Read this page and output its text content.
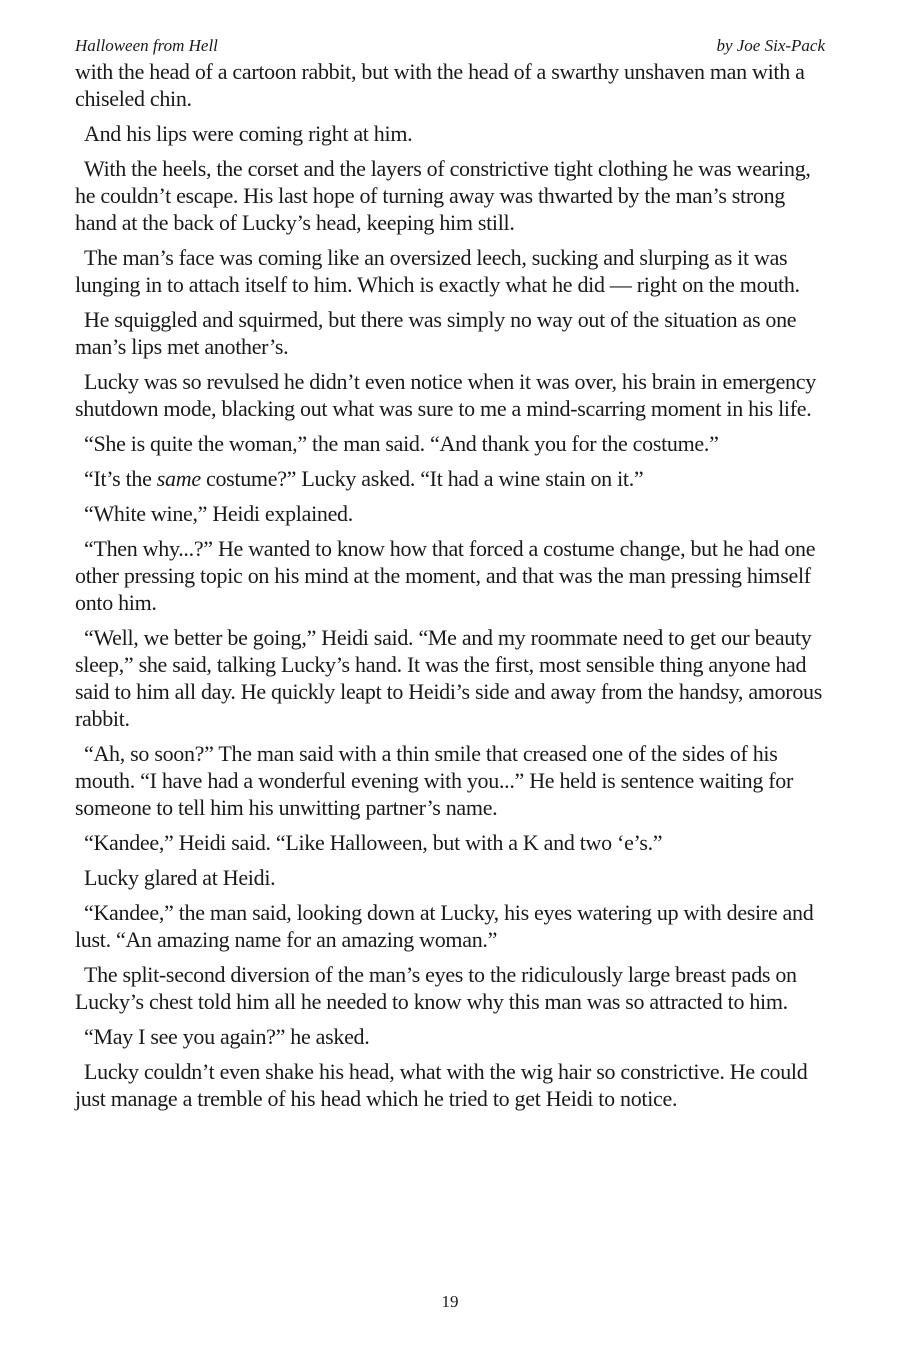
Halloween from Hell	by Joe Six-Pack

with the head of a cartoon rabbit, but with the head of a swarthy unshaven man with a chiseled chin.

And his lips were coming right at him.

With the heels, the corset and the layers of constrictive tight clothing he was wearing, he couldn’t escape. His last hope of turning away was thwarted by the man’s strong hand at the back of Lucky’s head, keeping him still.

The man’s face was coming like an oversized leech, sucking and slurping as it was lunging in to attach itself to him. Which is exactly what he did — right on the mouth.

He squiggled and squirmed, but there was simply no way out of the situation as one man’s lips met another’s.

Lucky was so revulsed he didn’t even notice when it was over, his brain in emergency shutdown mode, blacking out what was sure to me a mind-scarring moment in his life.

“She is quite the woman,” the man said. “And thank you for the costume.”

“It’s the same costume?” Lucky asked. “It had a wine stain on it.”

“White wine,” Heidi explained.

“Then why...?” He wanted to know how that forced a costume change, but he had one other pressing topic on his mind at the moment, and that was the man pressing himself onto him.

“Well, we better be going,” Heidi said. “Me and my roommate need to get our beauty sleep,” she said, talking Lucky’s hand. It was the first, most sensible thing anyone had said to him all day. He quickly leapt to Heidi’s side and away from the handsy, amorous rabbit.

“Ah, so soon?” The man said with a thin smile that creased one of the sides of his mouth. “I have had a wonderful evening with you...” He held is sentence waiting for someone to tell him his unwitting partner’s name.

“Kandee,” Heidi said. “Like Halloween, but with a K and two ‘e’s.”

Lucky glared at Heidi.

“Kandee,” the man said, looking down at Lucky, his eyes watering up with desire and lust. “An amazing name for an amazing woman.”

The split-second diversion of the man’s eyes to the ridiculously large breast pads on Lucky’s chest told him all he needed to know why this man was so attracted to him.

“May I see you again?” he asked.

Lucky couldn’t even shake his head, what with the wig hair so constrictive. He could just manage a tremble of his head which he tried to get Heidi to notice.

19
